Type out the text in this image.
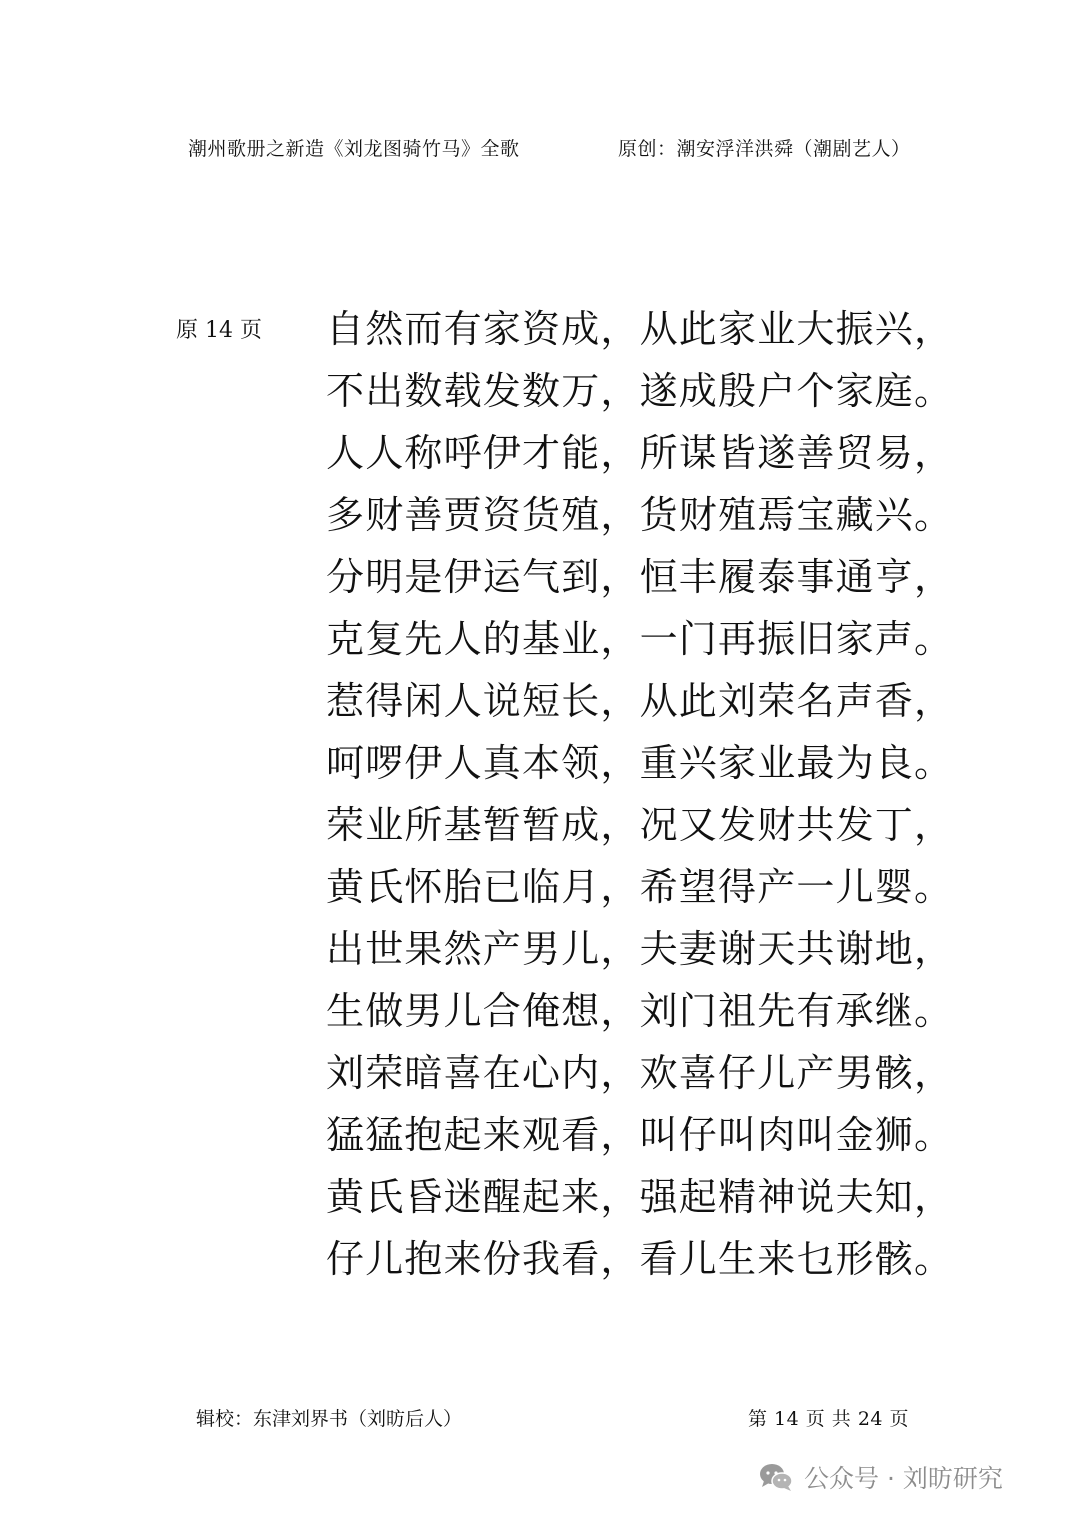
潮州歌册之新造《刘龙图骑竹马》全歌	原创：潮安浮洋洪舜（潮剧艺人）
原 14 页 自然而有家资成，从此家业大振兴，
不出数载发数万，遂成殷户个家庭。
人人称呼伊才能，所谋皆遂善贸易，
多财善贾资货殖，货财殖焉宝藏兴。
分明是伊运气到，恒丰履泰事通亨，
克复先人的基业，一门再振旧家声。
惹得闲人说短长，从此刘荣名声香，
呵啰伊人真本领，重兴家业最为良。
荣业所基暂暂成，况又发财共发丁，
黄氏怀胎已临月，希望得产一儿婴。
出世果然产男儿，夫妻谢天共谢地，
生做男儿合俺想，刘门祖先有承继。
刘荣暗喜在心内，欢喜仔儿产男骸，
猛猛抱起来观看，叫仔叫肉叫金狮。
黄氏昏迷醒起来，强起精神说夫知，
仔儿抱来份我看，看儿生来乜形骸。
辑校：东津刘界书（刘昉后人）	第 14 页 共 24 页
公众号 · 刘昉研究
